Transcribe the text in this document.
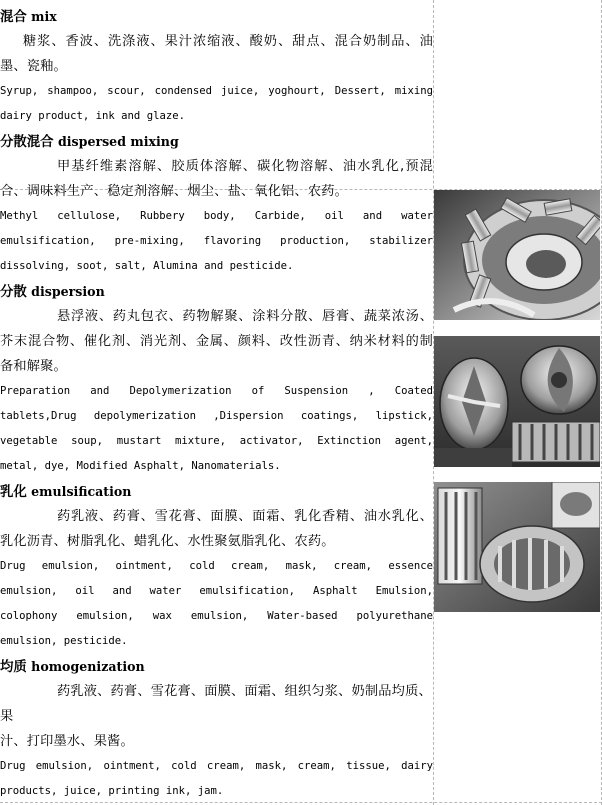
混合 mix
糖浆、香波、洗涤液、果汁浓缩液、酸奶、甜点、混合奶制品、油
墨、瓷釉。
Syrup, shampoo, scour, condensed juice, yoghourt, Dessert, mixing
dairy product, ink and glaze.
分散混合 dispersed mixing
甲基纤维素溶解、胶质体溶解、碳化物溶解、油水乳化,预混
合、调味料生产、稳定剂溶解、烟尘、盐、氧化铝、农药。
Methyl cellulose, Rubbery body, Carbide, oil and water
emulsification, pre-mixing, flavoring production, stabilizer
dissolving, soot, salt, Alumina and pesticide.
分散 dispersion
悬浮液、药丸包衣、药物解聚、涂料分散、唇膏、蔬菜浓汤、
芥末混合物、催化剂、消光剂、金属、颜料、改性沥青、纳米材料的制
备和解聚。
Preparation and Depolymerization of Suspension , Coated
tablets,Drug depolymerization ,Dispersion coatings, lipstick,
vegetable soup, mustart mixture, activator, Extinction agent,
metal, dye, Modified Asphalt, Nanomaterials.
乳化 emulsification
药乳液、药膏、雪花膏、面膜、面霜、乳化香精、油水乳化、
乳化沥青、树脂乳化、蜡乳化、水性聚氨脂乳化、农药。
Drug emulsion, ointment, cold cream, mask, cream, essence
emulsion, oil and water emulsification, Asphalt Emulsion,
colophony emulsion, wax emulsion, Water-based polyurethane
emulsion, pesticide.
均质 homogenization
药乳液、药膏、雪花膏、面膜、面霜、组织匀浆、奶制品均质、
果
汁、打印墨水、果酱。
Drug emulsion, ointment, cold cream, mask, cream, tissue, dairy
products, juice, printing ink, jam.
